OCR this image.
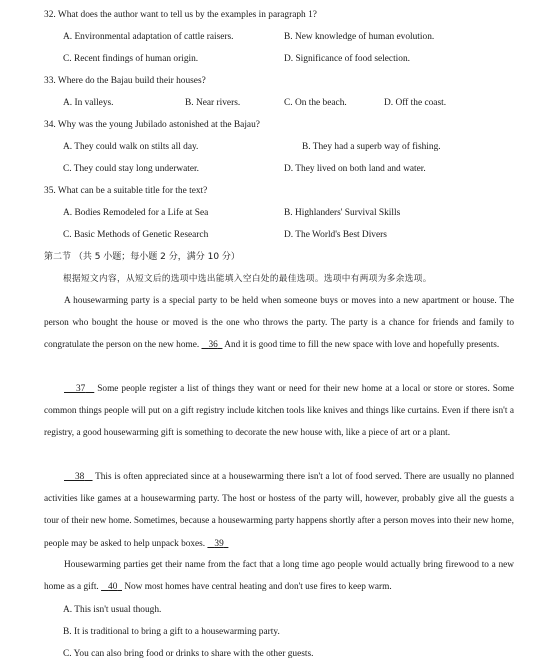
32. What does the author want to tell us by the examples in paragraph 1?
A. Environmental adaptation of cattle raisers.	B. New knowledge of human evolution.
C. Recent findings of human origin.	D. Significance of food selection.
33. Where do the Bajau build their houses?
A. In valleys.	B. Near rivers.	C. On the beach.	D. Off the coast.
34. Why was the young Jubilado astonished at the Bajau?
A. They could walk on stilts all day.	B. They had a superb way of fishing.
C. They could stay long underwater.	D. They lived on both land and water.
35. What can be a suitable title for the text?
A. Bodies Remodeled for a Life at Sea	B. Highlanders' Survival Skills
C. Basic Methods of Genetic Research	D. The World's Best Divers
第二节 （共 5 小题；每小题 2 分，满分 10 分）
根据短文内容，从短文后的选项中选出能填入空白处的最佳选项。选项中有两项为多余选项。
A housewarming party is a special party to be held when someone buys or moves into a new apartment or house. The person who bought the house or moved is the one who throws the party. The party is a chance for friends and family to congratulate the person on the new home. 36   And it is good time to fill the new space with love and hopefully presents.
37    Some people register a list of things they want or need for their new home at a local or store or stores. Some common things people will put on a gift registry include kitchen tools like knives and things like curtains. Even if there isn't a registry, a good housewarming gift is something to decorate the new house with, like a piece of art or a plant.
38    This is often appreciated since at a housewarming there isn't a lot of food served. There are usually no planned activities like games at a housewarming party. The host or hostess of the party will, however, probably give all the guests a tour of their new home. Sometimes, because a housewarming party happens shortly after a person moves into their new home, people may be asked to help unpack boxes. 39
Housewarming parties get their name from the fact that a long time ago people would actually bring firewood to a new home as a gift. 40   Now most homes have central heating and don't use fires to keep warm.
A. This isn't usual though.
B. It is traditional to bring a gift to a housewarming party.
C. You can also bring food or drinks to share with the other guests.
